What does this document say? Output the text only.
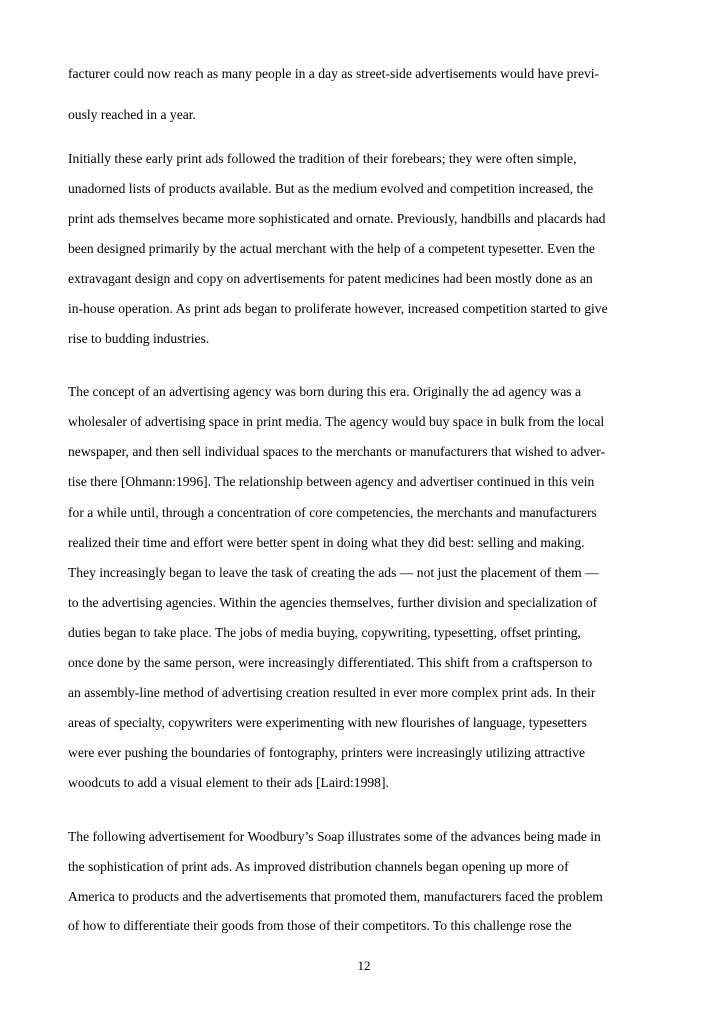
facturer could now reach as many people in a day as street-side advertisements would have previ-
ously reached in a year.
Initially these early print ads followed the tradition of their forebears; they were often simple,
unadorned lists of products available. But as the medium evolved and competition increased, the
print ads themselves became more sophisticated and ornate. Previously, handbills and placards had
been designed primarily by the actual merchant with the help of a competent typesetter. Even the
extravagant design and copy on advertisements for patent medicines had been mostly done as an
in-house operation. As print ads began to proliferate however, increased competition started to give
rise to budding industries.
The concept of an advertising agency was born during this era. Originally the ad agency was a
wholesaler of advertising space in print media. The agency would buy space in bulk from the local
newspaper, and then sell individual spaces to the merchants or manufacturers that wished to adver-
tise there [Ohmann:1996]. The relationship between agency and advertiser continued in this vein
for a while until, through a concentration of core competencies, the merchants and manufacturers
realized their time and effort were better spent in doing what they did best: selling and making.
They increasingly began to leave the task of creating the ads — not just the placement of them —
to the advertising agencies. Within the agencies themselves, further division and specialization of
duties began to take place. The jobs of media buying, copywriting, typesetting, offset printing,
once done by the same person, were increasingly differentiated. This shift from a craftsperson to
an assembly-line method of advertising creation resulted in ever more complex print ads. In their
areas of specialty, copywriters were experimenting with new flourishes of language, typesetters
were ever pushing the boundaries of fontography, printers were increasingly utilizing attractive
woodcuts to add a visual element to their ads [Laird:1998].
The following advertisement for Woodbury’s Soap illustrates some of the advances being made in
the sophistication of print ads. As improved distribution channels began opening up more of
America to products and the advertisements that promoted them, manufacturers faced the problem
of how to differentiate their goods from those of their competitors. To this challenge rose the
12
